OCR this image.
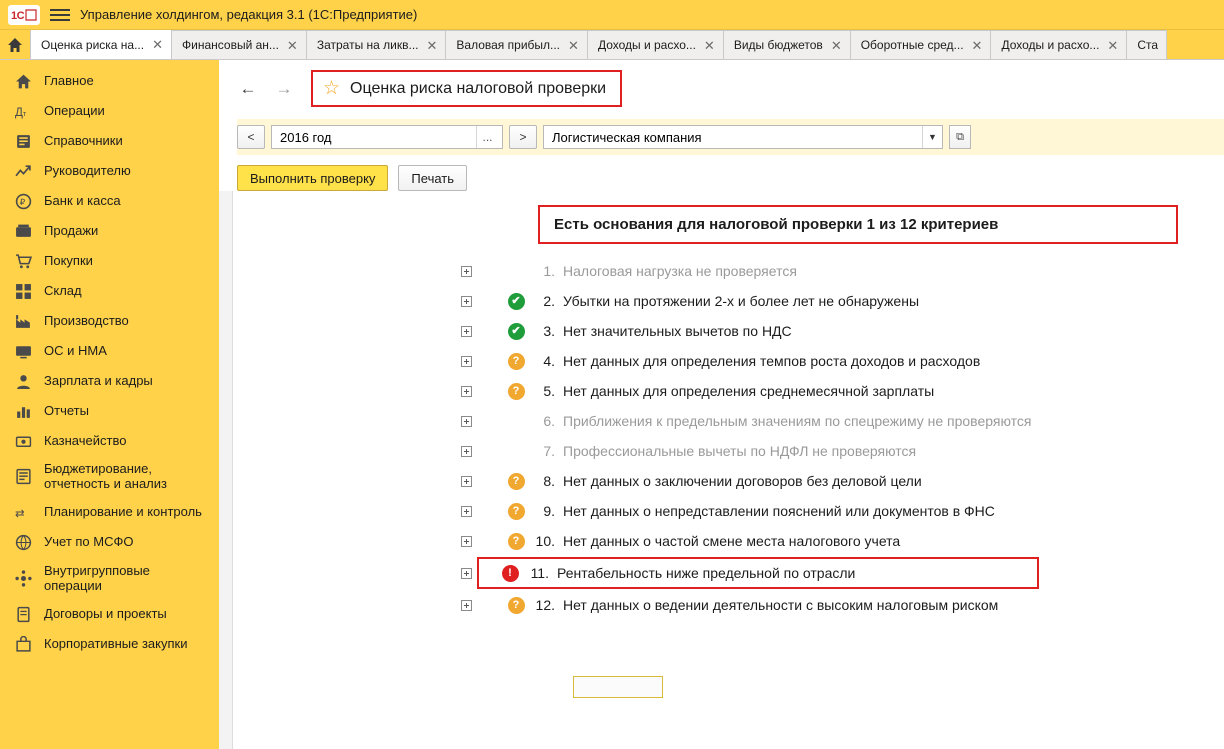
1C	Управление холдингом, редакция 3.1 (1С:Предприятие)
Оценка риска на... ✕ Финансовый ан... ✕ Затраты на ликв... ✕ Валовая прибыл... ✕ Доходы и расхо... ✕ Виды бюджетов ✕ Оборотные сред... ✕ Доходы и расхо... ✕ Ста
Главное
Дт Операции
Справочники
Руководителю
₽ Банк и касса
Продажи
Покупки
Склад
Производство
ОС и НМА
Зарплата и кадры
Отчеты
Казначейство
Бюджетирование, отчетность и анализ
⇄ Планирование и контроль
Учет по МСФО
Внутригрупповые операции
Договоры и проекты
Корпоративные закупки
← → ☆ Оценка риска налоговой проверки
<	2016 год	...	>	Логистическая компания	▼	⧉
Выполнить проверку	Печать
Есть основания для налоговой проверки 1 из 12 критериев
1. Налоговая нагрузка не проверяется
✔	2. Убытки на протяжении 2-х и более лет не обнаружены
✔	3. Нет значительных вычетов по НДС
?	4. Нет данных для определения темпов роста доходов и расходов
?	5. Нет данных для определения среднемесячной зарплаты
6. Приближения к предельным значениям по спецрежиму не проверяются
7. Профессиональные вычеты по НДФЛ не проверяются
?	8. Нет данных о заключении договоров без деловой цели
?	9. Нет данных о непредставлении пояснений или документов в ФНС
?	10. Нет данных о частой смене места налогового учета
!	11. Рентабельность ниже предельной по отрасли
?	12. Нет данных о ведении деятельности с высоким налоговым риском
